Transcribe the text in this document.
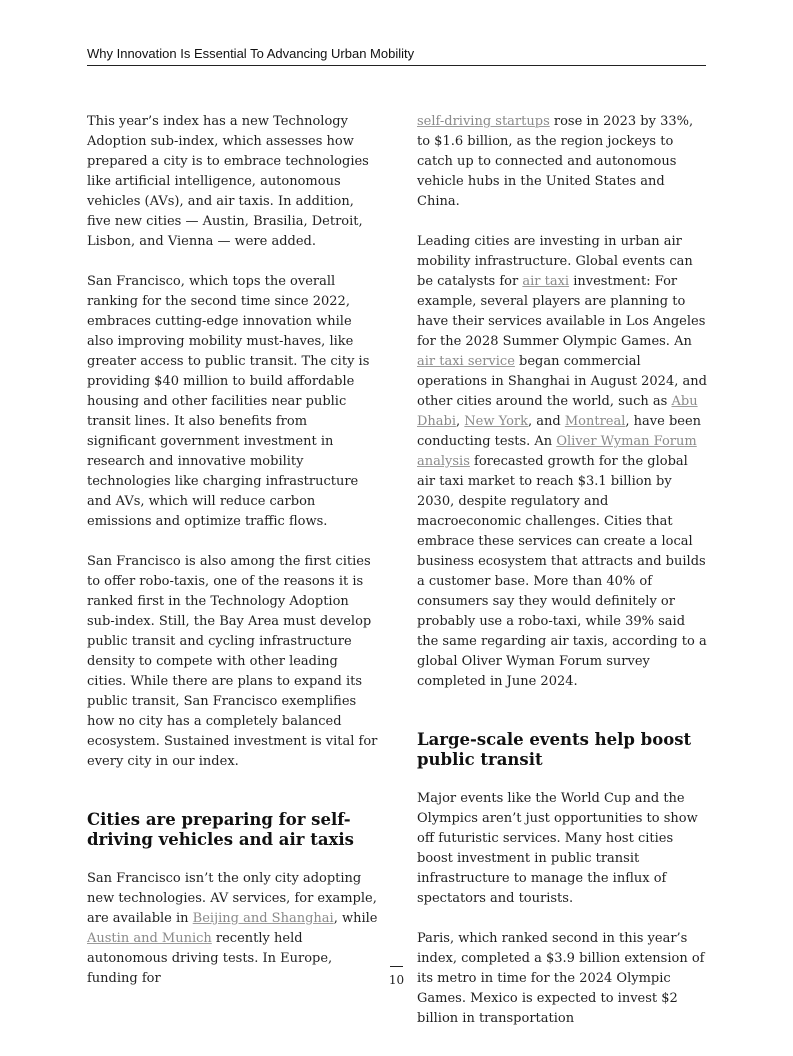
Why Innovation Is Essential To Advancing Urban Mobility

This year’s index has a new Technology Adoption sub-index, which assesses how prepared a city is to embrace technologies like artificial intelligence, autonomous vehicles (AVs), and air taxis. In addition, five new cities — Austin, Brasilia, Detroit, Lisbon, and Vienna — were added.

San Francisco, which tops the overall ranking for the second time since 2022, embraces cutting-edge innovation while also improving mobility must-haves, like greater access to public transit. The city is providing $40 million to build affordable housing and other facilities near public transit lines. It also benefits from significant government investment in research and innovative mobility technologies like charging infrastructure and AVs, which will reduce carbon emissions and optimize traffic flows.

San Francisco is also among the first cities to offer robo-taxis, one of the reasons it is ranked first in the Technology Adoption sub-index. Still, the Bay Area must develop public transit and cycling infrastructure density to compete with other leading cities. While there are plans to expand its public transit, San Francisco exemplifies how no city has a completely balanced ecosystem. Sustained investment is vital for every city in our index.

Cities are preparing for self-driving vehicles and air taxis

San Francisco isn’t the only city adopting new technologies. AV services, for example, are available in Beijing and Shanghai, while Austin and Munich recently held autonomous driving tests. In Europe, funding for

self-driving startups rose in 2023 by 33%, to $1.6 billion, as the region jockeys to catch up to connected and autonomous vehicle hubs in the United States and China.

Leading cities are investing in urban air mobility infrastructure. Global events can be catalysts for air taxi investment: For example, several players are planning to have their services available in Los Angeles for the 2028 Summer Olympic Games. An air taxi service began commercial operations in Shanghai in August 2024, and other cities around the world, such as Abu Dhabi, New York, and Montreal, have been conducting tests. An Oliver Wyman Forum analysis forecasted growth for the global air taxi market to reach $3.1 billion by 2030, despite regulatory and macroeconomic challenges. Cities that embrace these services can create a local business ecosystem that attracts and builds a customer base. More than 40% of consumers say they would definitely or probably use a robo-taxi, while 39% said the same regarding air taxis, according to a global Oliver Wyman Forum survey completed in June 2024.

Large-scale events help boost public transit

Major events like the World Cup and the Olympics aren’t just opportunities to show off futuristic services. Many host cities boost investment in public transit infrastructure to manage the influx of spectators and tourists.

Paris, which ranked second in this year’s index, completed a $3.9 billion extension of its metro in time for the 2024 Olympic Games. Mexico is expected to invest $2 billion in transportation

10
